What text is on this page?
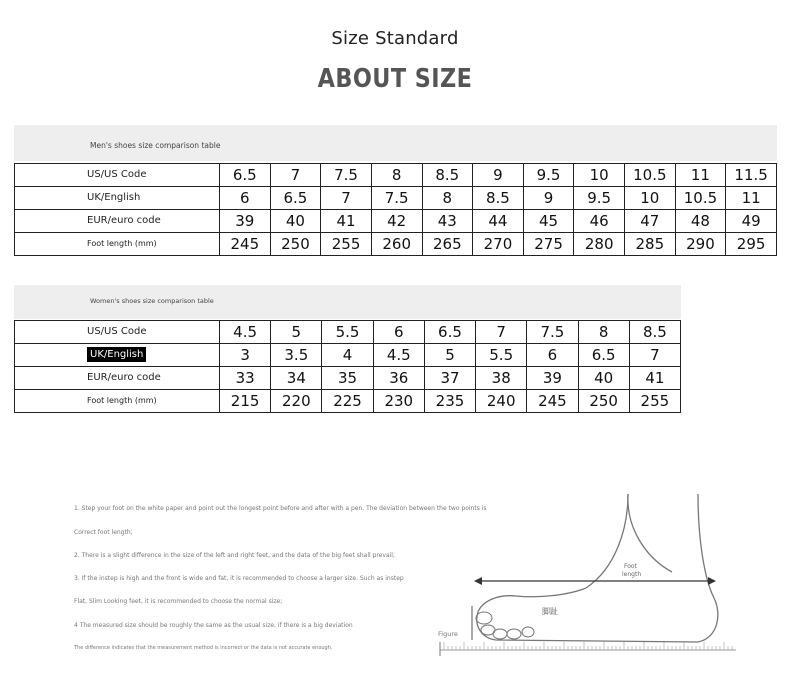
Size Standard
ABOUT SIZE
Men's shoes size comparison table
US/US Code	6.5	7	7.5	8	8.5	9	9.5	10	10.5	11	11.5

UK/English	6	6.5	7	7.5	8	8.5	9	9.5	10	10.5	11

EUR/euro code	39	40	41	42	43	44	45	46	47	48	49

Foot length (mm)	245	250	255	260	265	270	275	280	285	290	295
Women's shoes size comparison table
US/US Code	4.5	5	5.5	6	6.5	7	7.5	8	8.5

UK/English	3	3.5	4	4.5	5	5.5	6	6.5	7

EUR/euro code	33	34	35	36	37	38	39	40	41

Foot length (mm)	215	220	225	230	235	240	245	250	255
1. Step your foot on the white paper and point out the longest point before and after with a pen. The deviation between the two points is
Correct foot length;
2. There is a slight difference in the size of the left and right feet, and the data of the big feet shall prevail;
3. If the instep is high and the front is wide and fat, it is recommended to choose a larger size. Such as instep
Flat, Slim Looking feet, it is recommended to choose the normal size;
4 The measured size should be roughly the same as the usual size, if there is a big deviation
The difference indicates that the measurement method is incorrect or the data is not accurate enough.
Foot
length
脚趾
Figure
